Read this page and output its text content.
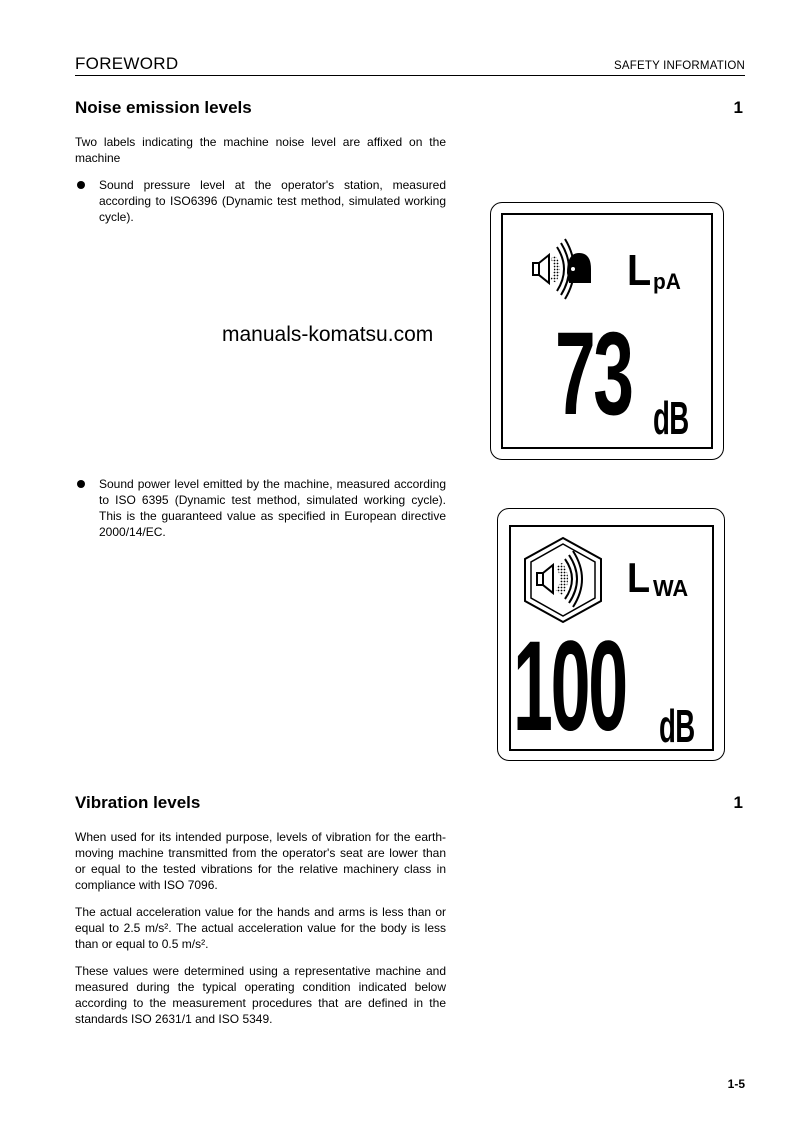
FOREWORD	SAFETY INFORMATION
Noise emission levels	1
Two labels indicating the machine noise level are affixed on the machine
Sound pressure level at the operator's station, measured according to ISO6396 (Dynamic test method, simulated working cycle).
manuals-komatsu.com
Sound power level emitted by the machine, measured according to ISO 6395 (Dynamic test method, simulated working cycle). This is the guaranteed value as specified in European directive 2000/14/EC.
L pA
73 dB
L WA
100 dB
Vibration levels	1
When used for its intended purpose, levels of vibration for the earth-moving machine transmitted from the operator's seat are lower than or equal to the tested vibrations for the relative machinery class in compliance with ISO 7096.
The actual acceleration value for the hands and arms is less than or equal to 2.5 m/s². The actual acceleration value for the body is less than or equal to 0.5 m/s².
These values were determined using a representative machine and measured during the typical operating condition indicated below according to the measurement procedures that are defined in the standards ISO 2631/1 and ISO 5349.
1-5
